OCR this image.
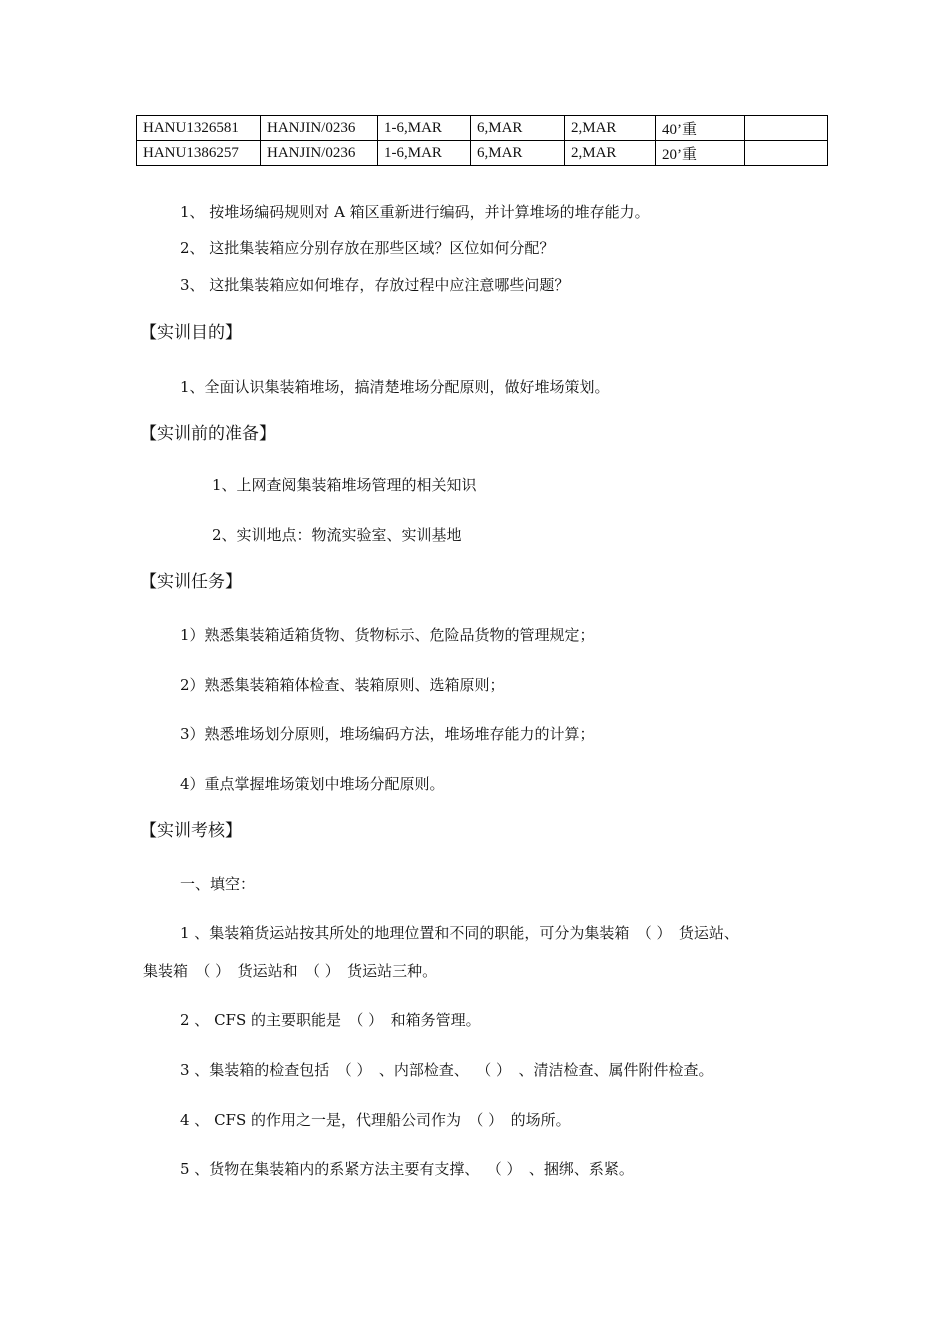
HANU1326581	HANJIN/0236	1-6,MAR	6,MAR	2,MAR	40’重	
HANU1386257	HANJIN/0236	1-6,MAR	6,MAR	2,MAR	20’重	
1、 按堆场编码规则对 A 箱区重新进行编码，并计算堆场的堆存能力。
2、 这批集装箱应分别存放在那些区域？区位如何分配？
3、 这批集装箱应如何堆存，存放过程中应注意哪些问题？
【实训目的】
1、全面认识集装箱堆场，搞清楚堆场分配原则，做好堆场策划。
【实训前的准备】
1、上网查阅集装箱堆场管理的相关知识
2、实训地点：物流实验室、实训基地
【实训任务】
1）熟悉集装箱适箱货物、货物标示、危险品货物的管理规定；
2）熟悉集装箱箱体检查、装箱原则、选箱原则；
3）熟悉堆场划分原则，堆场编码方法，堆场堆存能力的计算；
4）重点掌握堆场策划中堆场分配原则。
【实训考核】
一、填空：
1 、集装箱货运站按其所处的地理位置和不同的职能，可分为集装箱 （ ） 货运站、
集装箱 （ ） 货运站和 （ ） 货运站三种。
2 、 CFS 的主要职能是 （ ） 和箱务管理。
3 、集装箱的检查包括 （ ） 、内部检查、 （ ） 、清洁检查、属件附件检查。
4 、 CFS 的作用之一是，代理船公司作为 （ ） 的场所。
5 、货物在集装箱内的系紧方法主要有支撑、 （ ） 、捆绑、系紧。
